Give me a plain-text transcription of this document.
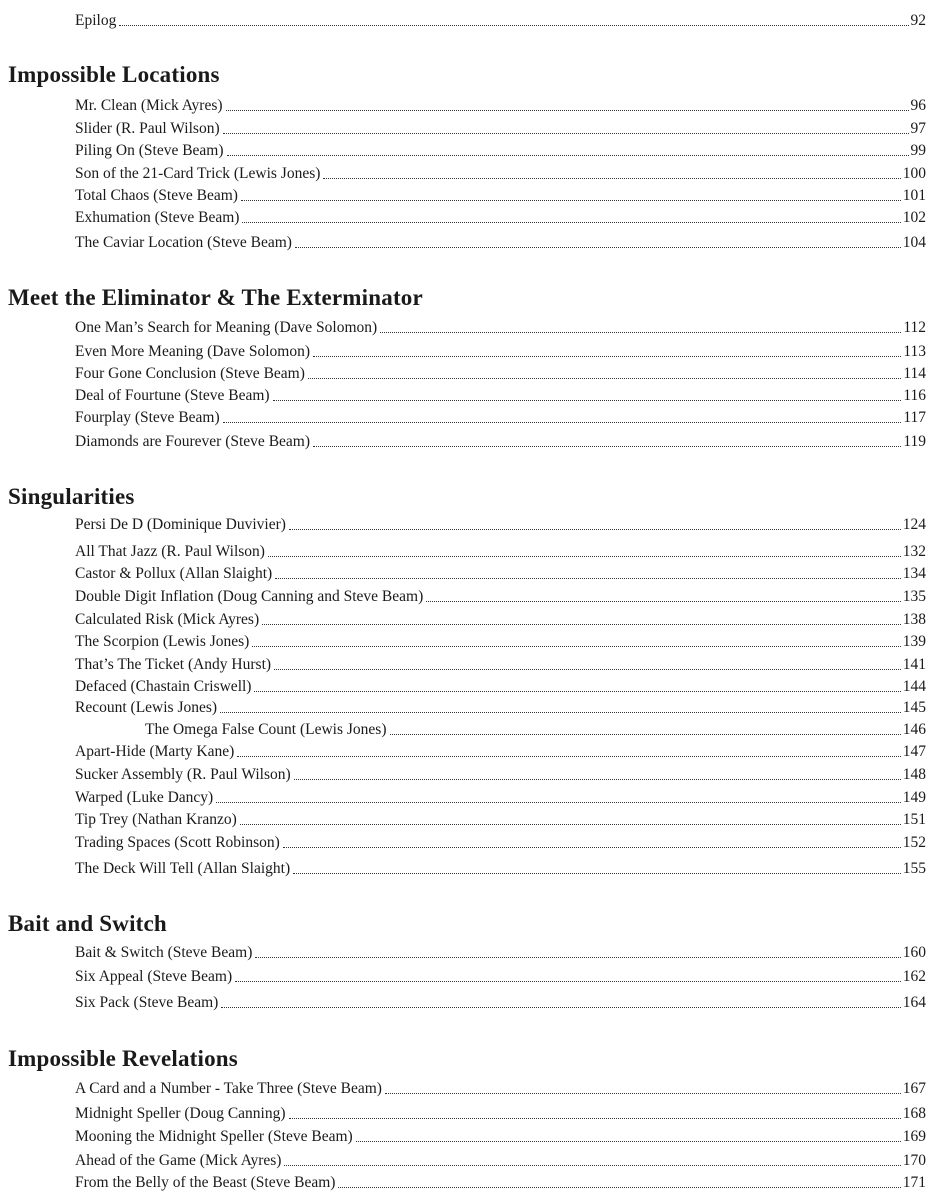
Epilog	92
Impossible Locations
Mr. Clean (Mick Ayres)	96
Slider (R. Paul Wilson)	97
Piling On (Steve Beam)	99
Son of the 21-Card Trick (Lewis Jones)	100
Total Chaos (Steve Beam)	101
Exhumation (Steve Beam)	102
The Caviar Location (Steve Beam)	104
Meet the Eliminator & The Exterminator
One Man’s Search for Meaning (Dave Solomon)	112
Even More Meaning (Dave Solomon)	113
Four Gone Conclusion (Steve Beam)	114
Deal of Fourtune (Steve Beam)	116
Fourplay (Steve Beam)	117
Diamonds are Fourever (Steve Beam)	119
Singularities
Persi De D (Dominique Duvivier)	124
All That Jazz (R. Paul Wilson)	132
Castor & Pollux (Allan Slaight)	134
Double Digit Inflation (Doug Canning and Steve Beam)	135
Calculated Risk (Mick Ayres)	138
The Scorpion (Lewis Jones)	139
That’s The Ticket (Andy Hurst)	141
Defaced (Chastain Criswell)	144
Recount (Lewis Jones)	145
The Omega False Count (Lewis Jones)	146
Apart-Hide (Marty Kane)	147
Sucker Assembly (R. Paul Wilson)	148
Warped (Luke Dancy)	149
Tip Trey (Nathan Kranzo)	151
Trading Spaces (Scott Robinson)	152
The Deck Will Tell (Allan Slaight)	155
Bait and Switch
Bait & Switch (Steve Beam)	160
Six Appeal (Steve Beam)	162
Six Pack (Steve Beam)	164
Impossible Revelations
A Card and a Number - Take Three (Steve Beam)	167
Midnight Speller (Doug Canning)	168
Mooning the Midnight Speller (Steve Beam)	169
Ahead of the Game (Mick Ayres)	170
From the Belly of the Beast (Steve Beam)	171
